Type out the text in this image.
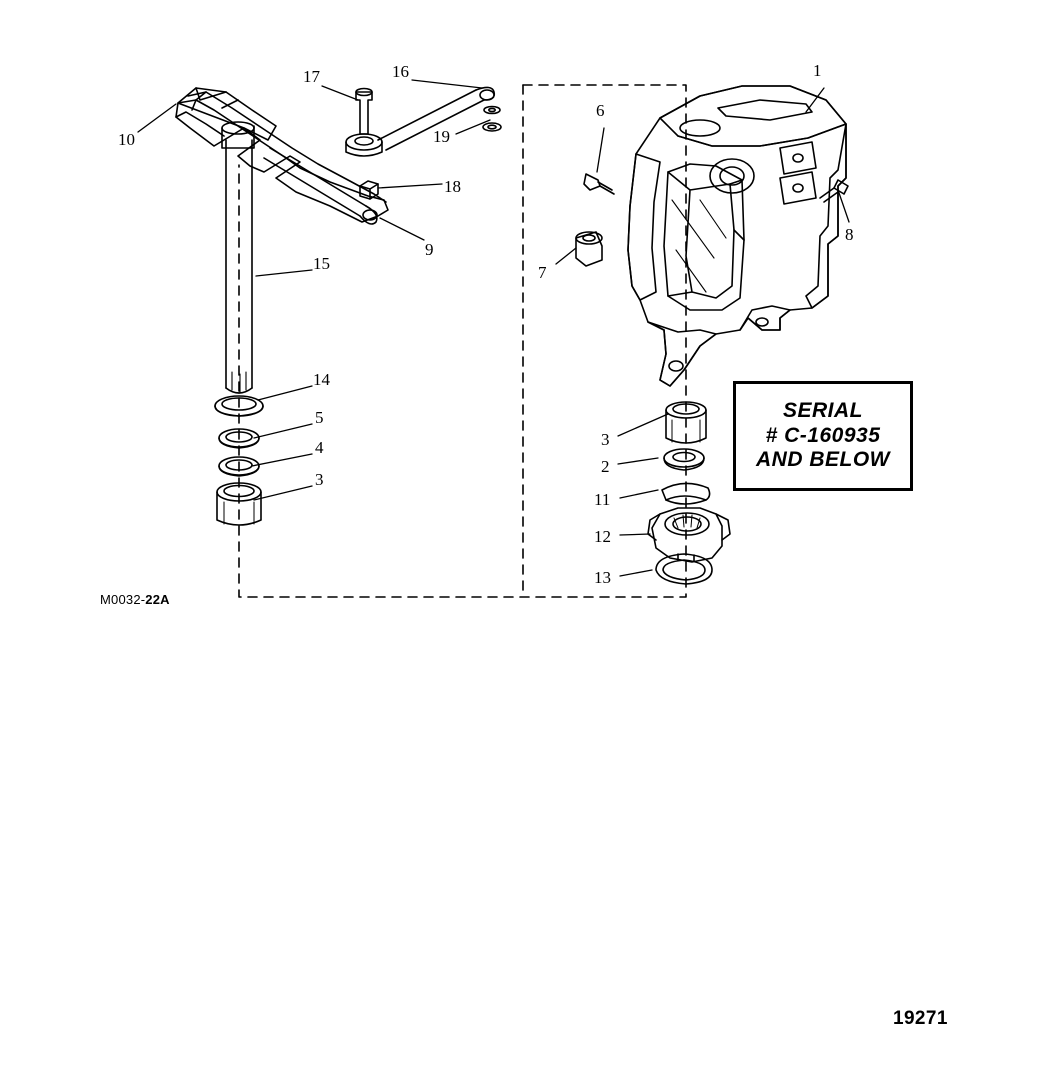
1
6
8
7
3
2
11
12
13
17	16
19
18
10
9
15
14
5
4
3
SERIAL
# C-160935
AND BELOW
M0032-22A
19271
